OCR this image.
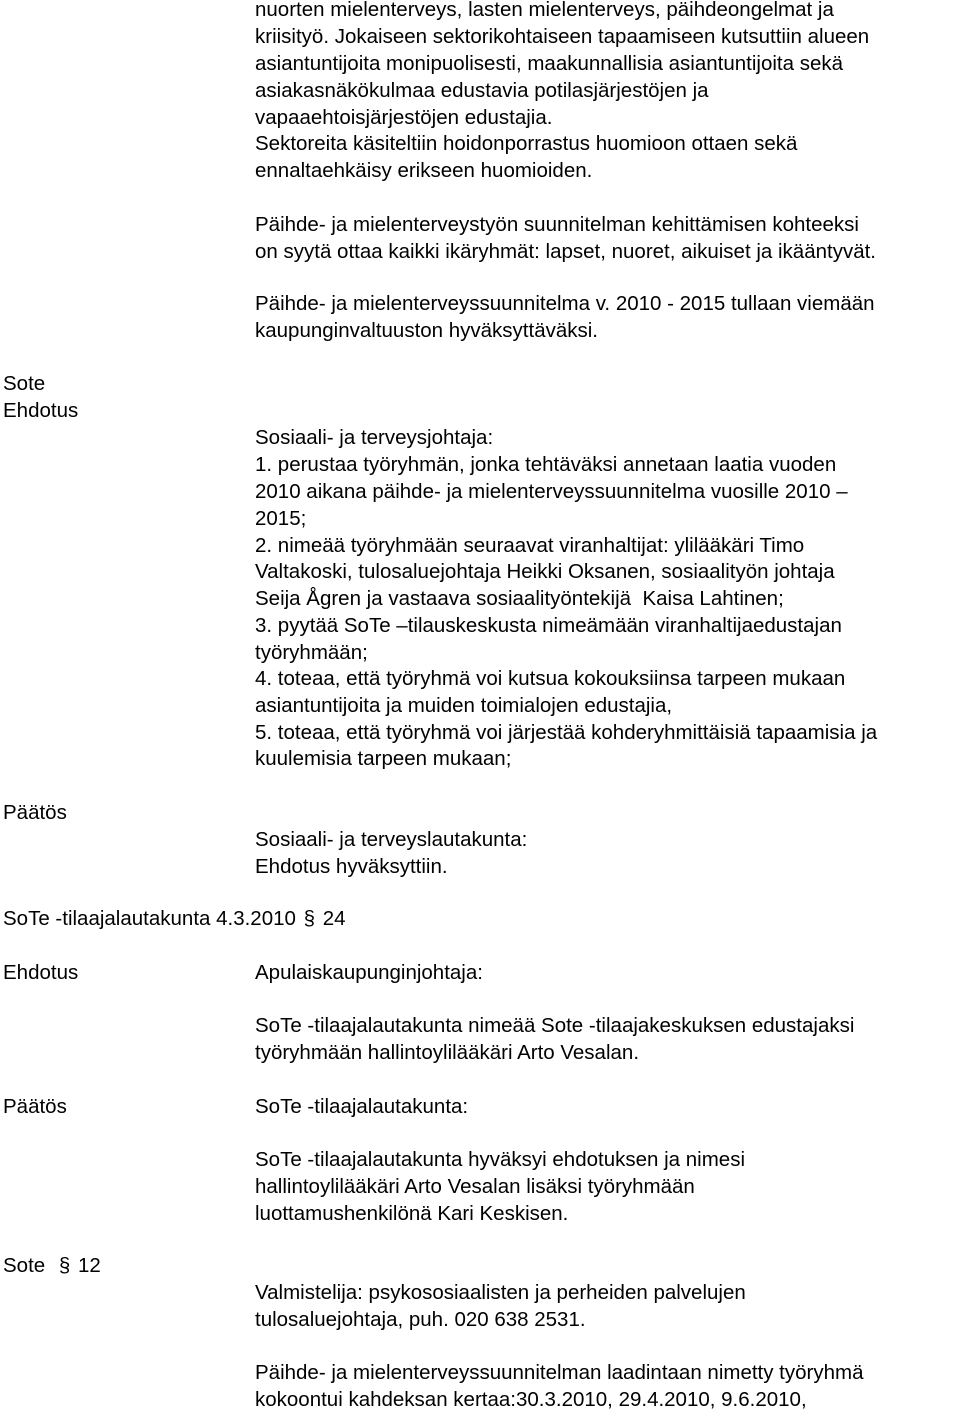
nuorten mielenterveys, lasten mielenterveys, päihdeongelmat ja
kriisityö. Jokaiseen sektorikohtaiseen tapaamiseen kutsuttiin alueen
asiantuntijoita monipuolisesti, maakunnallisia asiantuntijoita sekä
asiakasnäkökulmaa edustavia potilasjärjestöjen ja
vapaaehtoisjärjestöjen edustajia.
Sektoreita käsiteltiin hoidonporrastus huomioon ottaen sekä
ennaltaehkäisy erikseen huomioiden.
Päihde- ja mielenterveystyön suunnitelman kehittämisen kohteeksi
on syytä ottaa kaikki ikäryhmät: lapset, nuoret, aikuiset ja ikääntyvät.
Päihde- ja mielenterveyssuunnitelma v. 2010 - 2015 tullaan viemään
kaupunginvaltuuston hyväksyttäväksi.
Sote
Ehdotus
Sosiaali- ja terveysjohtaja:
1. perustaa työryhmän, jonka tehtäväksi annetaan laatia vuoden
2010 aikana päihde- ja mielenterveyssuunnitelma vuosille 2010 –
2015;
2. nimeää työryhmään seuraavat viranhaltijat: ylilääkäri Timo
Valtakoski, tulosaluejohtaja Heikki Oksanen, sosiaalityön johtaja
Seija Ågren ja vastaava sosiaalityöntekijä  Kaisa Lahtinen;
3. pyytää SoTe –tilauskeskusta nimeämään viranhaltijaedustajan
työryhmään;
4. toteaa, että työryhmä voi kutsua kokouksiinsa tarpeen mukaan
asiantuntijoita ja muiden toimialojen edustajia,
5. toteaa, että työryhmä voi järjestää kohderyhmittäisiä tapaamisia ja
kuulemisia tarpeen mukaan;
Päätös
Sosiaali- ja terveyslautakunta:
Ehdotus hyväksyttiin.
SoTe -tilaajalautakunta 4.3.2010 § 24
Ehdotus	Apulaiskaupunginjohtaja:
SoTe -tilaajalautakunta nimeää Sote -tilaajakeskuksen edustajaksi
työryhmään hallintoylilääkäri Arto Vesalan.
Päätös	SoTe -tilaajalautakunta:
SoTe -tilaajalautakunta hyväksyi ehdotuksen ja nimesi
hallintoylilääkäri Arto Vesalan lisäksi työryhmään
luottamushenkilönä Kari Keskisen.
Sote § 12
Valmistelija: psykososiaalisten ja perheiden palvelujen
tulosaluejohtaja, puh. 020 638 2531.
Päihde- ja mielenterveyssuunnitelman laadintaan nimetty työryhmä
kokoontui kahdeksan kertaa:30.3.2010, 29.4.2010, 9.6.2010,
